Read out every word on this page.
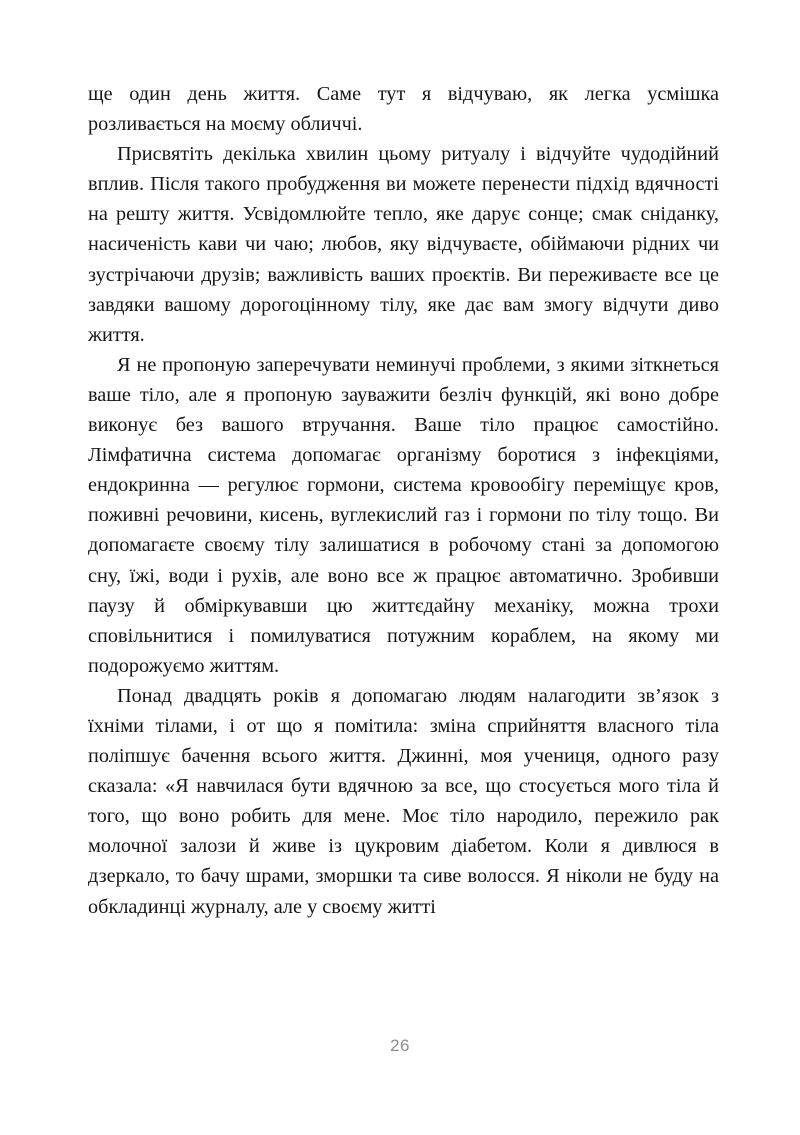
ще один день життя. Саме тут я відчуваю, як легка усмішка розливається на моєму обличчі.

Присвятіть декілька хвилин цьому ритуалу і відчуйте чудодійний вплив. Після такого пробудження ви можете перенести підхід вдячності на решту життя. Усвідомлюйте тепло, яке дарує сонце; смак сніданку, насиченість кави чи чаю; любов, яку відчуваєте, обіймаючи рідних чи зустрічаючи друзів; важливість ваших проєктів. Ви переживаєте все це завдяки вашому дорогоцінному тілу, яке дає вам змогу відчути диво життя.

Я не пропоную заперечувати неминучі проблеми, з якими зіткнеться ваше тіло, але я пропоную зауважити безліч функцій, які воно добре виконує без вашого втручання. Ваше тіло працює самостійно. Лімфатична система допомагає організму боротися з інфекціями, ендокринна — регулює гормони, система кровообігу переміщує кров, поживні речовини, кисень, вуглекислий газ і гормони по тілу тощо. Ви допомагаєте своєму тілу залишатися в робочому стані за допомогою сну, їжі, води і рухів, але воно все ж працює автоматично. Зробивши паузу й обміркувавши цю життєдайну механіку, можна трохи сповільнитися і помилуватися потужним кораблем, на якому ми подорожуємо життям.

Понад двадцять років я допомагаю людям налагодити зв’язок з їхніми тілами, і от що я помітила: зміна сприйняття власного тіла поліпшує бачення всього життя. Джинні, моя учениця, одного разу сказала: «Я навчилася бути вдячною за все, що стосується мого тіла й того, що воно робить для мене. Моє тіло народило, пережило рак молочної залози й живе із цукровим діабетом. Коли я дивлюся в дзеркало, то бачу шрами, зморшки та сиве волосся. Я ніколи не буду на обкладинці журналу, але у своєму житті

26
